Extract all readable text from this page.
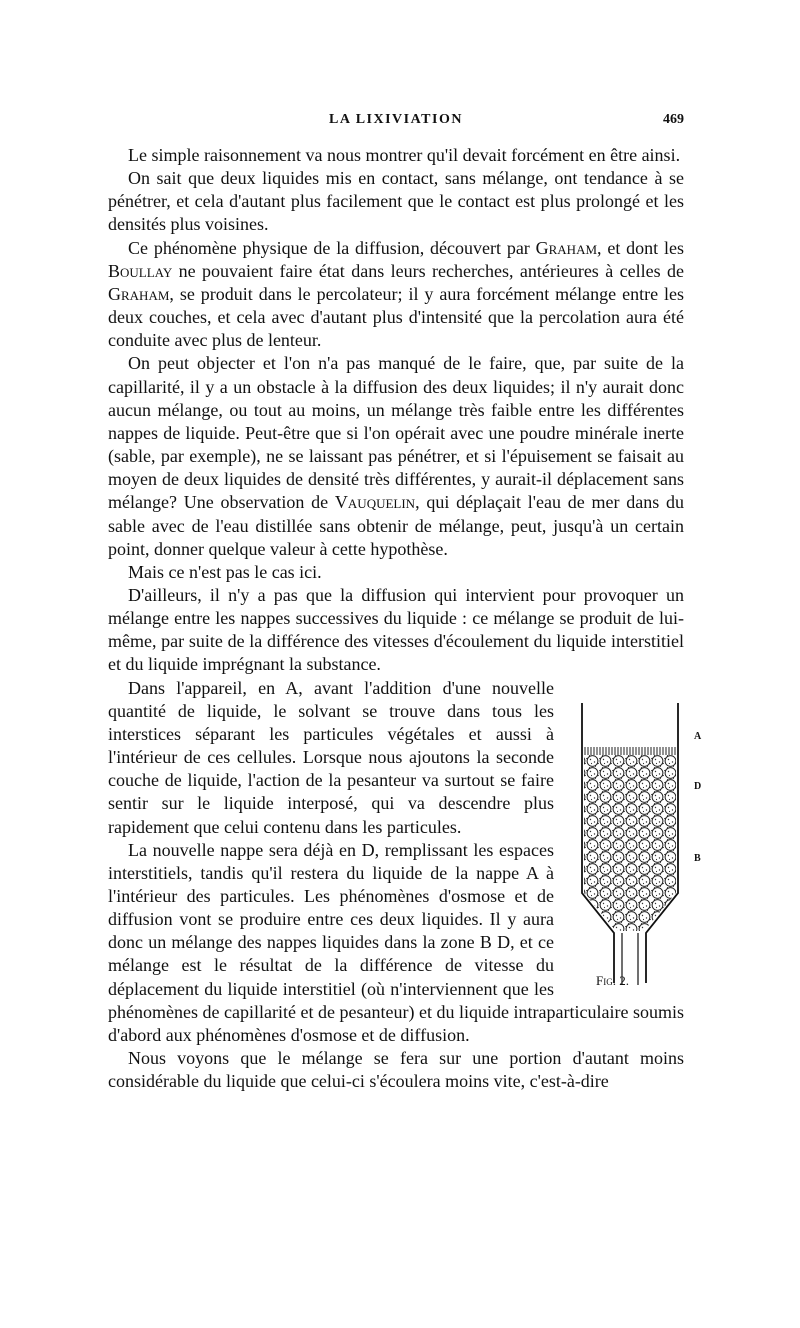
LA LIXIVIATION	469

Le simple raisonnement va nous montrer qu'il devait forcément en être ainsi.

On sait que deux liquides mis en contact, sans mélange, ont tendance à se pénétrer, et cela d'autant plus facilement que le contact est plus prolongé et les densités plus voisines.

Ce phénomène physique de la diffusion, découvert par Graham, et dont les Boullay ne pouvaient faire état dans leurs recherches, antérieures à celles de Graham, se produit dans le percolateur; il y aura forcément mélange entre les deux couches, et cela avec d'autant plus d'intensité que la percolation aura été conduite avec plus de lenteur.

On peut objecter et l'on n'a pas manqué de le faire, que, par suite de la capillarité, il y a un obstacle à la diffusion des deux liquides; il n'y aurait donc aucun mélange, ou tout au moins, un mélange très faible entre les différentes nappes de liquide. Peut-être que si l'on opérait avec une poudre minérale inerte (sable, par exemple), ne se laissant pas pénétrer, et si l'épuisement se faisait au moyen de deux liquides de densité très différentes, y aurait-il déplacement sans mélange? Une observation de Vauquelin, qui déplaçait l'eau de mer dans du sable avec de l'eau distillée sans obtenir de mélange, peut, jusqu'à un certain point, donner quelque valeur à cette hypothèse.

Mais ce n'est pas le cas ici.

D'ailleurs, il n'y a pas que la diffusion qui intervient pour provoquer un mélange entre les nappes successives du liquide : ce mélange se produit de lui-même, par suite de la différence des vitesses d'écoulement du liquide interstitiel et du liquide imprégnant la substance.

A
D
B
Fig. 2.

Dans l'appareil, en A, avant l'addition d'une nouvelle quantité de liquide, le solvant se trouve dans tous les interstices séparant les particules végétales et aussi à l'intérieur de ces cellules. Lorsque nous ajoutons la seconde couche de liquide, l'action de la pesanteur va surtout se faire sentir sur le liquide interposé, qui va descendre plus rapidement que celui contenu dans les particules.

La nouvelle nappe sera déjà en D, remplissant les espaces interstitiels, tandis qu'il restera du liquide de la nappe A à l'intérieur des particules. Les phénomènes d'osmose et de diffusion vont se produire entre ces deux liquides. Il y aura donc un mélange des nappes liquides dans la zone B D, et ce mélange est le résultat de la différence de vitesse du déplacement du liquide interstitiel (où n'interviennent que les phénomènes de capillarité et de pesanteur) et du liquide intraparticulaire soumis d'abord aux phénomènes d'osmose et de diffusion.

Nous voyons que le mélange se fera sur une portion d'autant moins considérable du liquide que celui-ci s'écoulera moins vite, c'est-à-dire
